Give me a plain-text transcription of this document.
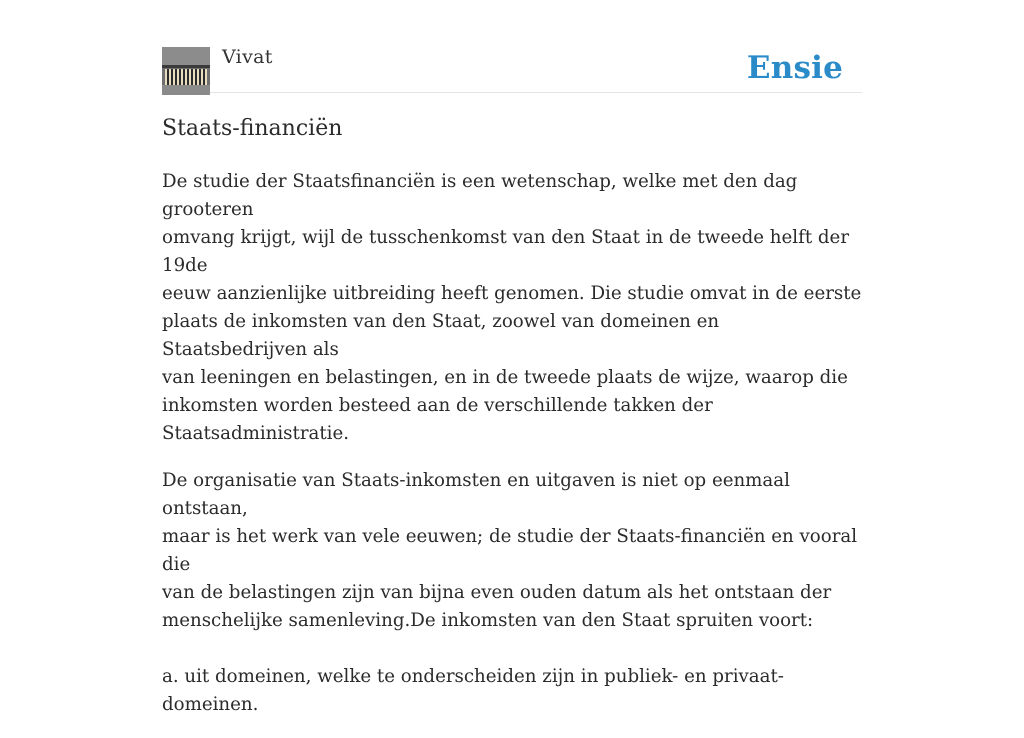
Vivat	Ensie
Staats-financiën

De studie der Staatsfinanciën is een wetenschap, welke met den dag grooteren
omvang krijgt, wijl de tusschenkomst van den Staat in de tweede helft der 19de
eeuw aanzienlijke uitbreiding heeft genomen. Die studie omvat in de eerste
plaats de inkomsten van den Staat, zoowel van domeinen en Staatsbedrijven als
van leeningen en belastingen, en in de tweede plaats de wijze, waarop die
inkomsten worden besteed aan de verschillende takken der Staatsadministratie.

De organisatie van Staats-inkomsten en uitgaven is niet op eenmaal ontstaan,
maar is het werk van vele eeuwen; de studie der Staats-financiën en vooral die
van de belastingen zijn van bijna even ouden datum als het ontstaan der
menschelijke samenleving.De inkomsten van den Staat spruiten voort:

a. uit domeinen, welke te onderscheiden zijn in publiek- en privaat-domeinen.
